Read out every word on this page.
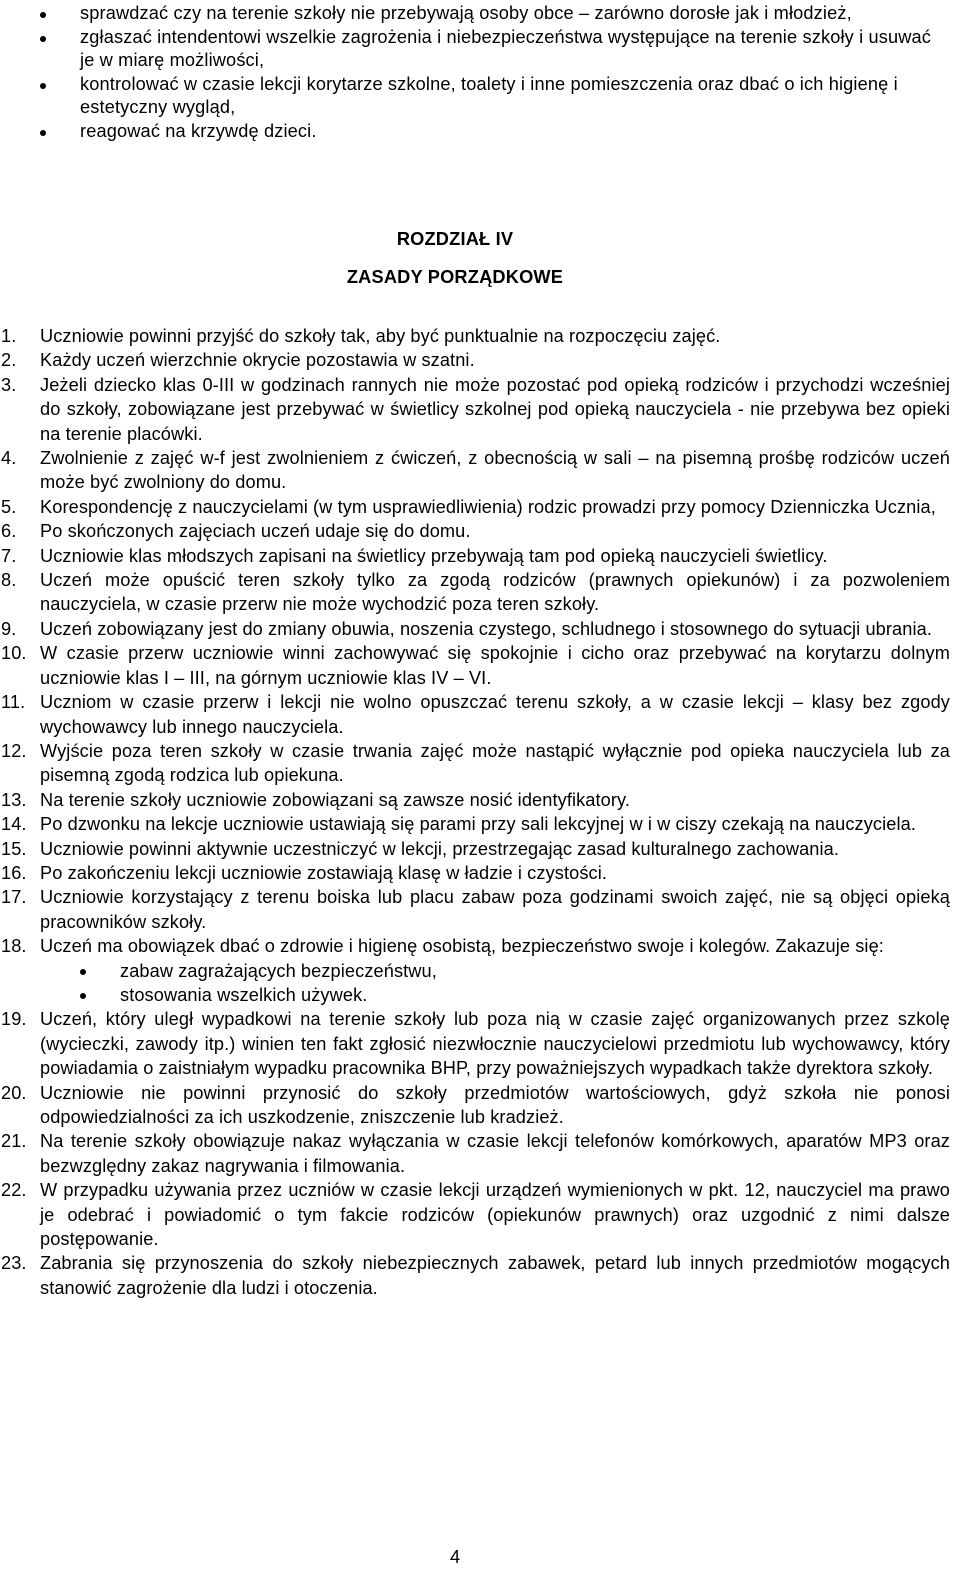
sprawdzać czy na terenie szkoły nie przebywają osoby obce – zarówno dorosłe jak i młodzież,
zgłaszać intendentowi wszelkie zagrożenia i niebezpieczeństwa występujące na terenie szkoły i usuwać je w miarę możliwości,
kontrolować w czasie lekcji korytarze szkolne, toalety i inne pomieszczenia oraz dbać o ich higienę i estetyczny wygląd,
reagować na krzywdę dzieci.
ROZDZIAŁ IV
ZASADY PORZĄDKOWE
1. Uczniowie powinni przyjść do szkoły tak, aby być punktualnie na rozpoczęciu zajęć.
2. Każdy uczeń wierzchnie okrycie pozostawia w szatni.
3. Jeżeli dziecko klas 0-III w godzinach rannych nie może pozostać pod opieką rodziców i przychodzi wcześniej do szkoły, zobowiązane jest przebywać w świetlicy szkolnej pod opieką nauczyciela - nie przebywa bez opieki na terenie placówki.
4. Zwolnienie z zajęć w-f jest zwolnieniem z ćwiczeń, z obecnością w sali – na pisemną prośbę rodziców uczeń może być zwolniony do domu.
5. Korespondencję z nauczycielami (w tym usprawiedliwienia) rodzic prowadzi przy pomocy Dzienniczka Ucznia,
6. Po skończonych zajęciach uczeń udaje się do domu.
7. Uczniowie klas młodszych zapisani na świetlicy przebywają tam pod opieką nauczycieli świetlicy.
8. Uczeń może opuścić teren szkoły tylko za zgodą rodziców (prawnych opiekunów) i za pozwoleniem nauczyciela, w czasie przerw nie może wychodzić poza teren szkoły.
9. Uczeń zobowiązany jest do zmiany obuwia, noszenia czystego, schludnego i stosownego do sytuacji ubrania.
10. W czasie przerw uczniowie winni zachowywać się spokojnie i cicho oraz przebywać na korytarzu dolnym uczniowie klas I – III, na górnym uczniowie klas IV – VI.
11. Uczniom w czasie przerw i lekcji nie wolno opuszczać terenu szkoły, a w czasie lekcji – klasy bez zgody wychowawcy lub innego nauczyciela.
12. Wyjście poza teren szkoły w czasie trwania zajęć może nastąpić wyłącznie pod opieka nauczyciela lub za pisemną zgodą rodzica lub opiekuna.
13. Na terenie szkoły uczniowie zobowiązani są zawsze nosić identyfikatory.
14. Po dzwonku na lekcje uczniowie ustawiają się parami przy sali lekcyjnej w i w ciszy czekają na nauczyciela.
15. Uczniowie powinni aktywnie uczestniczyć w lekcji, przestrzegając zasad kulturalnego zachowania.
16. Po zakończeniu lekcji uczniowie zostawiają klasę w ładzie i czystości.
17. Uczniowie korzystający z terenu boiska lub placu zabaw poza godzinami swoich zajęć, nie są objęci opieką pracowników szkoły.
18. Uczeń ma obowiązek dbać o zdrowie i higienę osobistą, bezpieczeństwo swoje i kolegów. Zakazuje się:
zabaw zagrażających bezpieczeństwu,
stosowania wszelkich używek.
19. Uczeń, który uległ wypadkowi na terenie szkoły lub poza nią w czasie zajęć organizowanych przez szkolę (wycieczki, zawody itp.) winien ten fakt zgłosić niezwłocznie nauczycielowi przedmiotu lub wychowawcy, który powiadamia o zaistniałym wypadku pracownika BHP, przy poważniejszych wypadkach także dyrektora szkoły.
20. Uczniowie nie powinni przynosić do szkoły przedmiotów wartościowych, gdyż szkoła nie ponosi odpowiedzialności za ich uszkodzenie, zniszczenie lub kradzież.
21. Na terenie szkoły obowiązuje nakaz wyłączania w czasie lekcji telefonów komórkowych, aparatów MP3 oraz bezwzględny zakaz nagrywania i filmowania.
22. W przypadku używania przez uczniów w czasie lekcji urządzeń wymienionych w pkt. 12, nauczyciel ma prawo je odebrać i powiadomić o tym fakcie rodziców (opiekunów prawnych) oraz uzgodnić z nimi dalsze postępowanie.
23. Zabrania się przynoszenia do szkoły niebezpiecznych zabawek, petard lub innych przedmiotów mogących stanowić zagrożenie dla ludzi i otoczenia.
4
